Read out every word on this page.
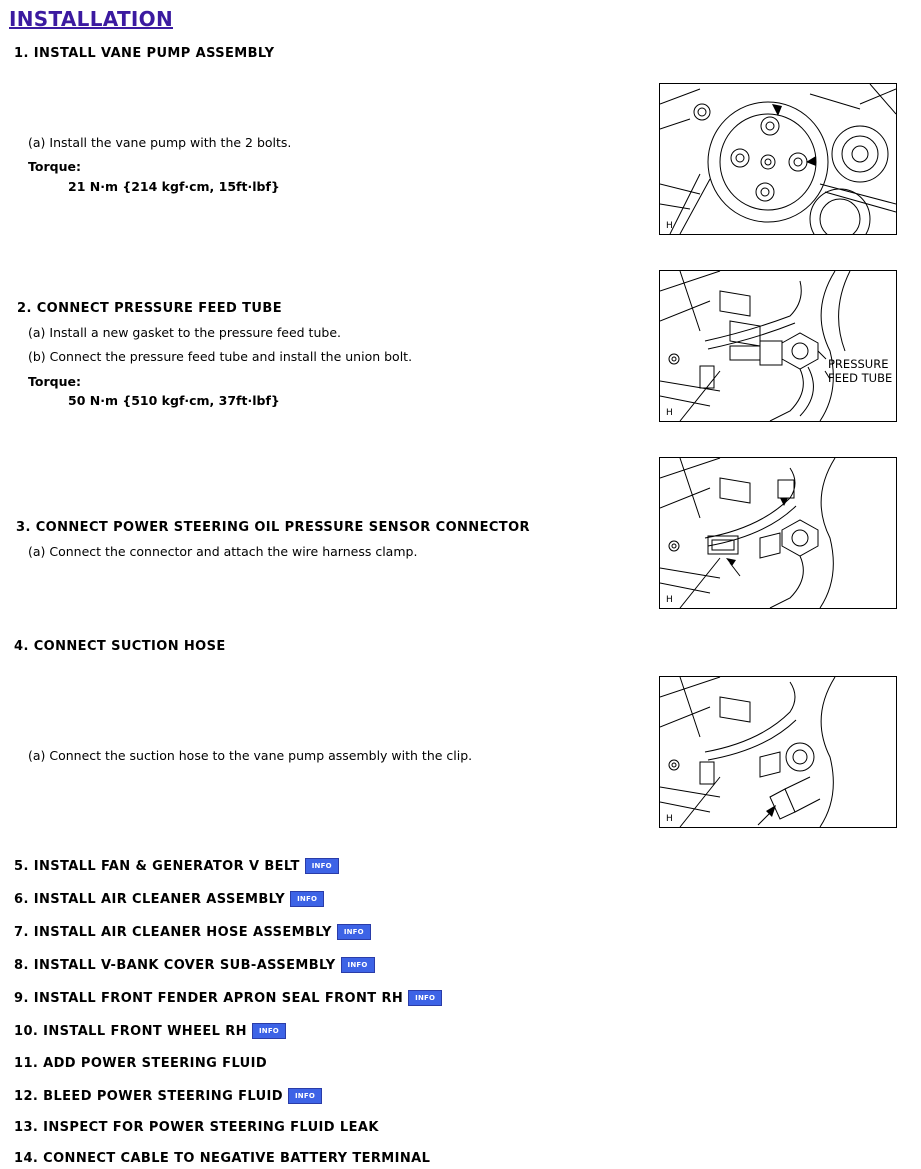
INSTALLATION
1. INSTALL VANE PUMP ASSEMBLY
(a) Install the vane pump with the 2 bolts.
Torque:
21 N·m {214 kgf·cm, 15ft·lbf}
H
2. CONNECT PRESSURE FEED TUBE
(a) Install a new gasket to the pressure feed tube.
(b) Connect the pressure feed tube and install the union bolt.
Torque:
50 N·m {510 kgf·cm, 37ft·lbf}
PRESSURE
FEED TUBE
H
3. CONNECT POWER STEERING OIL PRESSURE SENSOR CONNECTOR
(a) Connect the connector and attach the wire harness clamp.
H
4. CONNECT SUCTION HOSE
(a) Connect the suction hose to the vane pump assembly with the clip.
H
5. INSTALL FAN & GENERATOR V BELT INFO
6. INSTALL AIR CLEANER ASSEMBLY INFO
7. INSTALL AIR CLEANER HOSE ASSEMBLY INFO
8. INSTALL V-BANK COVER SUB-ASSEMBLY INFO
9. INSTALL FRONT FENDER APRON SEAL FRONT RH INFO
10. INSTALL FRONT WHEEL RH INFO
11. ADD POWER STEERING FLUID
12. BLEED POWER STEERING FLUID INFO
13. INSPECT FOR POWER STEERING FLUID LEAK
14. CONNECT CABLE TO NEGATIVE BATTERY TERMINAL
